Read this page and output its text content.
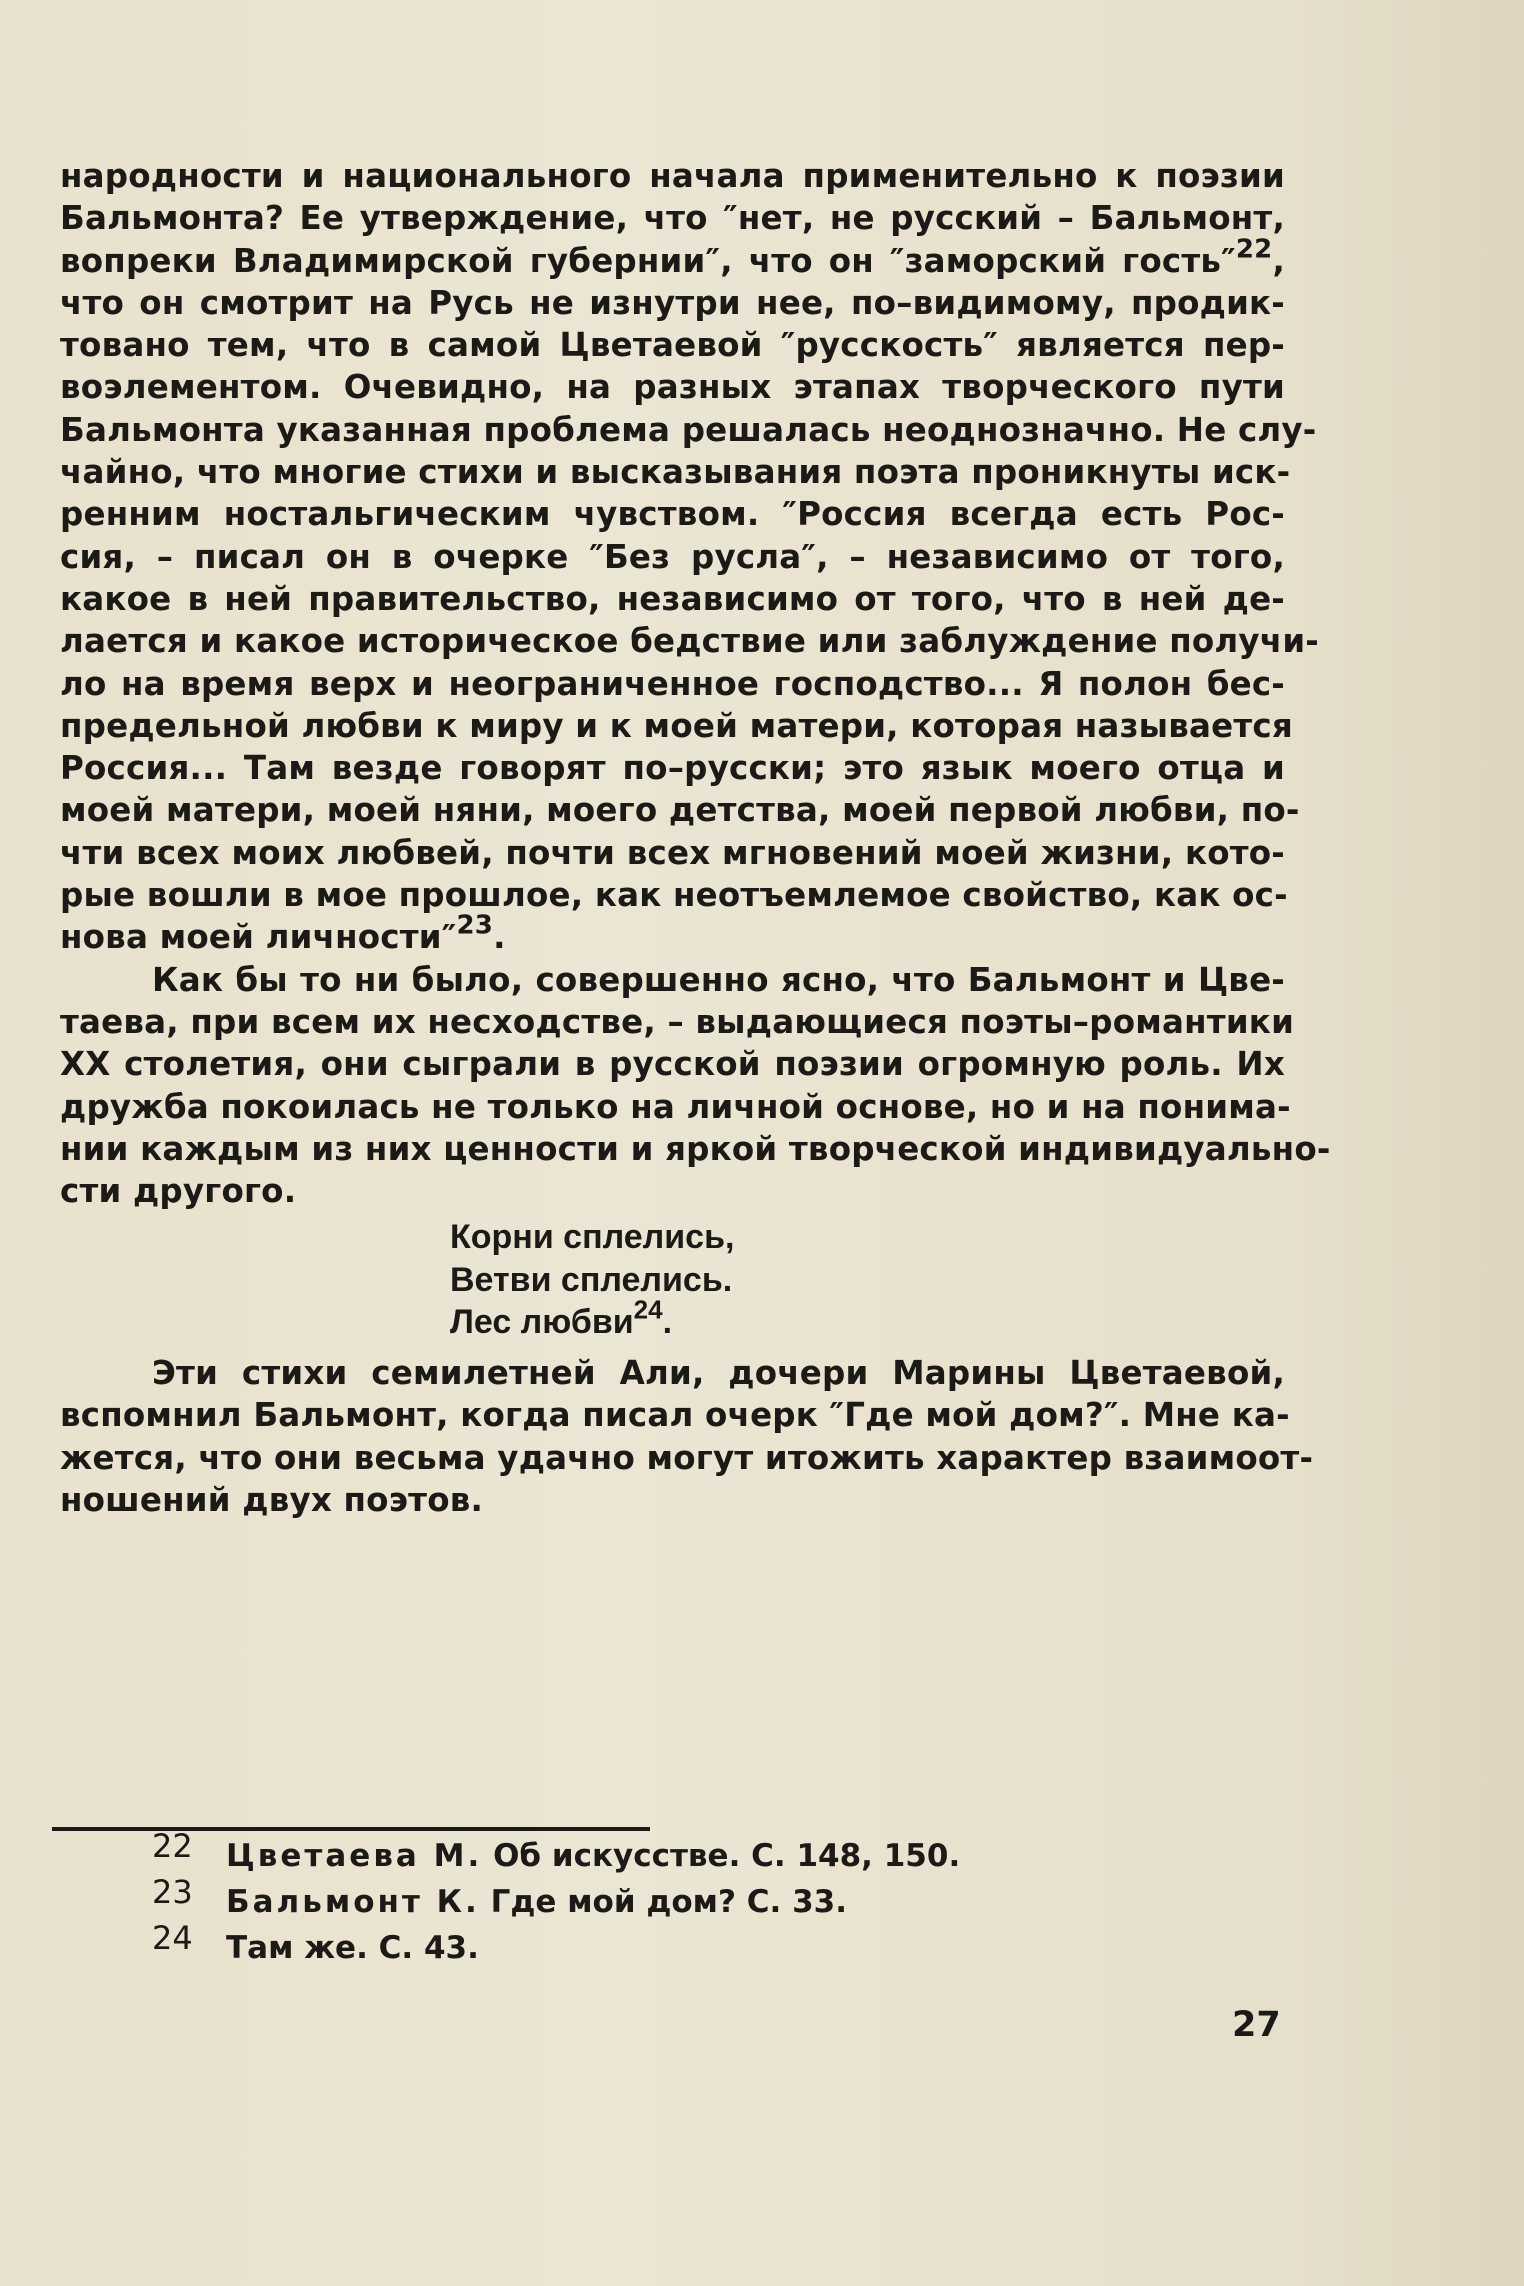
народности и национального начала применительно к поэзии
Бальмонта? Ее утверждение, что ″нет, не русский – Бальмонт,
вопреки Владимирской губернии″, что он ″заморский гость″$^{22}$,
что он смотрит на Русь не изнутри нее, по–видимому, продик-
товано тем, что в самой Цветаевой ″русскость″ является пер-
воэлементом. Очевидно, на разных этапах творческого пути
Бальмонта указанная проблема решалась неоднозначно. Не слу-
чайно, что многие стихи и высказывания поэта проникнуты иск-
ренним ностальгическим чувством. ″Россия всегда есть Рос-
сия, – писал он в очерке ″Без русла″, – независимо от того,
какое в ней правительство, независимо от того, что в ней де-
лается и какое историческое бедствие или заблуждение получи-
ло на время верх и неограниченное господство... Я полон бес-
предельной любви к миру и к моей матери, которая называется
Россия... Там везде говорят по–русски; это язык моего отца и
моей матери, моей няни, моего детства, моей первой любви, по-
чти всех моих любвей, почти всех мгновений моей жизни, кото-
рые вошли в мое прошлое, как неотъемлемое свойство, как ос-
нова моей личности″$^{23}$.
Как бы то ни было, совершенно ясно, что Бальмонт и Цве-
таева, при всем их несходстве, – выдающиеся поэты–романтики
XX столетия, они сыграли в русской поэзии огромную роль. Их
дружба покоилась не только на личной основе, но и на понима-
нии каждым из них ценности и яркой творческой индивидуально-
сти другого.
Корни сплелись,
Ветви сплелись.
Лес любви$^{24}$.
Эти стихи семилетней Али, дочери Марины Цветаевой,
вспомнил Бальмонт, когда писал очерк ″Где мой дом?″. Мне ка-
жется, что они весьма удачно могут итожить характер взаимоот-
ношений двух поэтов.
22 Цветаева М. Об искусстве. С. 148, 150.
23 Бальмонт К. Где мой дом? С. 33.
24 Там же. С. 43.
27
